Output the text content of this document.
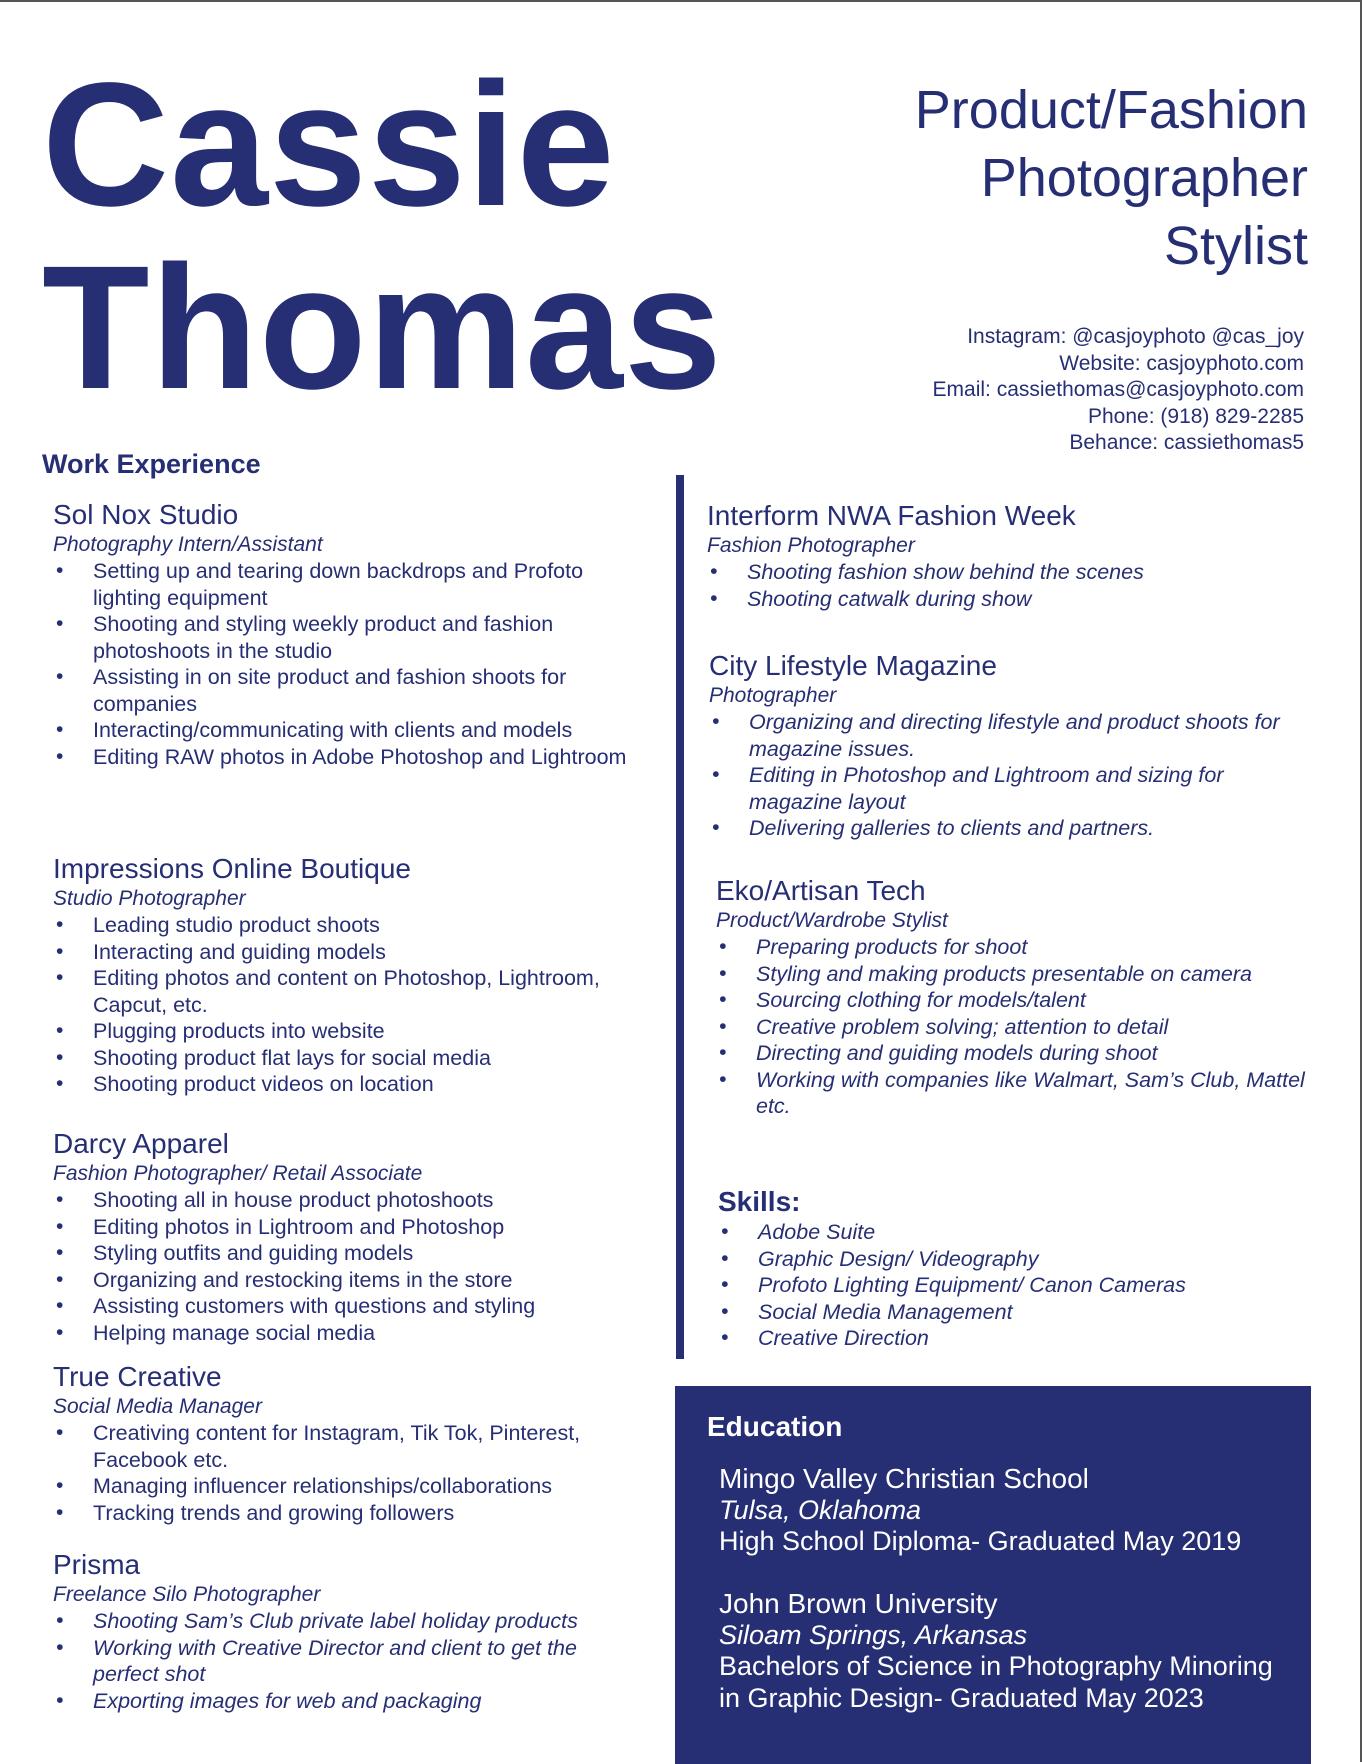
Cassie
Thomas
Product/Fashion
Photographer
Stylist
Instagram: @casjoyphoto @cas_joy
Website: casjoyphoto.com
Email: cassiethomas@casjoyphoto.com
Phone: (918) 829-2285
Behance: cassiethomas5
Work Experience
Sol Nox Studio
Photography Intern/Assistant
• Setting up and tearing down backdrops and Profoto lighting equipment
• Shooting and styling weekly product and fashion photoshoots in the studio
• Assisting in on site product and fashion shoots for companies
• Interacting/communicating with clients and models
• Editing RAW photos in Adobe Photoshop and Lightroom
Impressions Online Boutique
Studio Photographer
• Leading studio product shoots
• Interacting and guiding models
• Editing photos and content on Photoshop, Lightroom, Capcut, etc.
• Plugging products into website
• Shooting product flat lays for social media
• Shooting product videos on location
Darcy Apparel
Fashion Photographer/ Retail Associate
• Shooting all in house product photoshoots
• Editing photos in Lightroom and Photoshop
• Styling outfits and guiding models
• Organizing and restocking items in the store
• Assisting customers with questions and styling
• Helping manage social media
True Creative
Social Media Manager
• Creativing content for Instagram, Tik Tok, Pinterest, Facebook etc.
• Managing influencer relationships/collaborations
• Tracking trends and growing followers
Prisma
Freelance Silo Photographer
• Shooting Sam’s Club private label holiday products
• Working with Creative Director and client to get the perfect shot
• Exporting images for web and packaging
Interform NWA Fashion Week
Fashion Photographer
• Shooting fashion show behind the scenes
• Shooting catwalk during show
City Lifestyle Magazine
Photographer
• Organizing and directing lifestyle and product shoots for magazine issues.
• Editing in Photoshop and Lightroom and sizing for magazine layout
• Delivering galleries to clients and partners.
Eko/Artisan Tech
Product/Wardrobe Stylist
• Preparing products for shoot
• Styling and making products presentable on camera
• Sourcing clothing for models/talent
• Creative problem solving; attention to detail
• Directing and guiding models during shoot
• Working with companies like Walmart, Sam’s Club, Mattel etc.
Skills:
• Adobe Suite
• Graphic Design/ Videography
• Profoto Lighting Equipment/ Canon Cameras
• Social Media Management
• Creative Direction
Education
Mingo Valley Christian School
Tulsa, Oklahoma
High School Diploma- Graduated May 2019
John Brown University
Siloam Springs, Arkansas
Bachelors of Science in Photography Minoring in Graphic Design- Graduated May 2023
